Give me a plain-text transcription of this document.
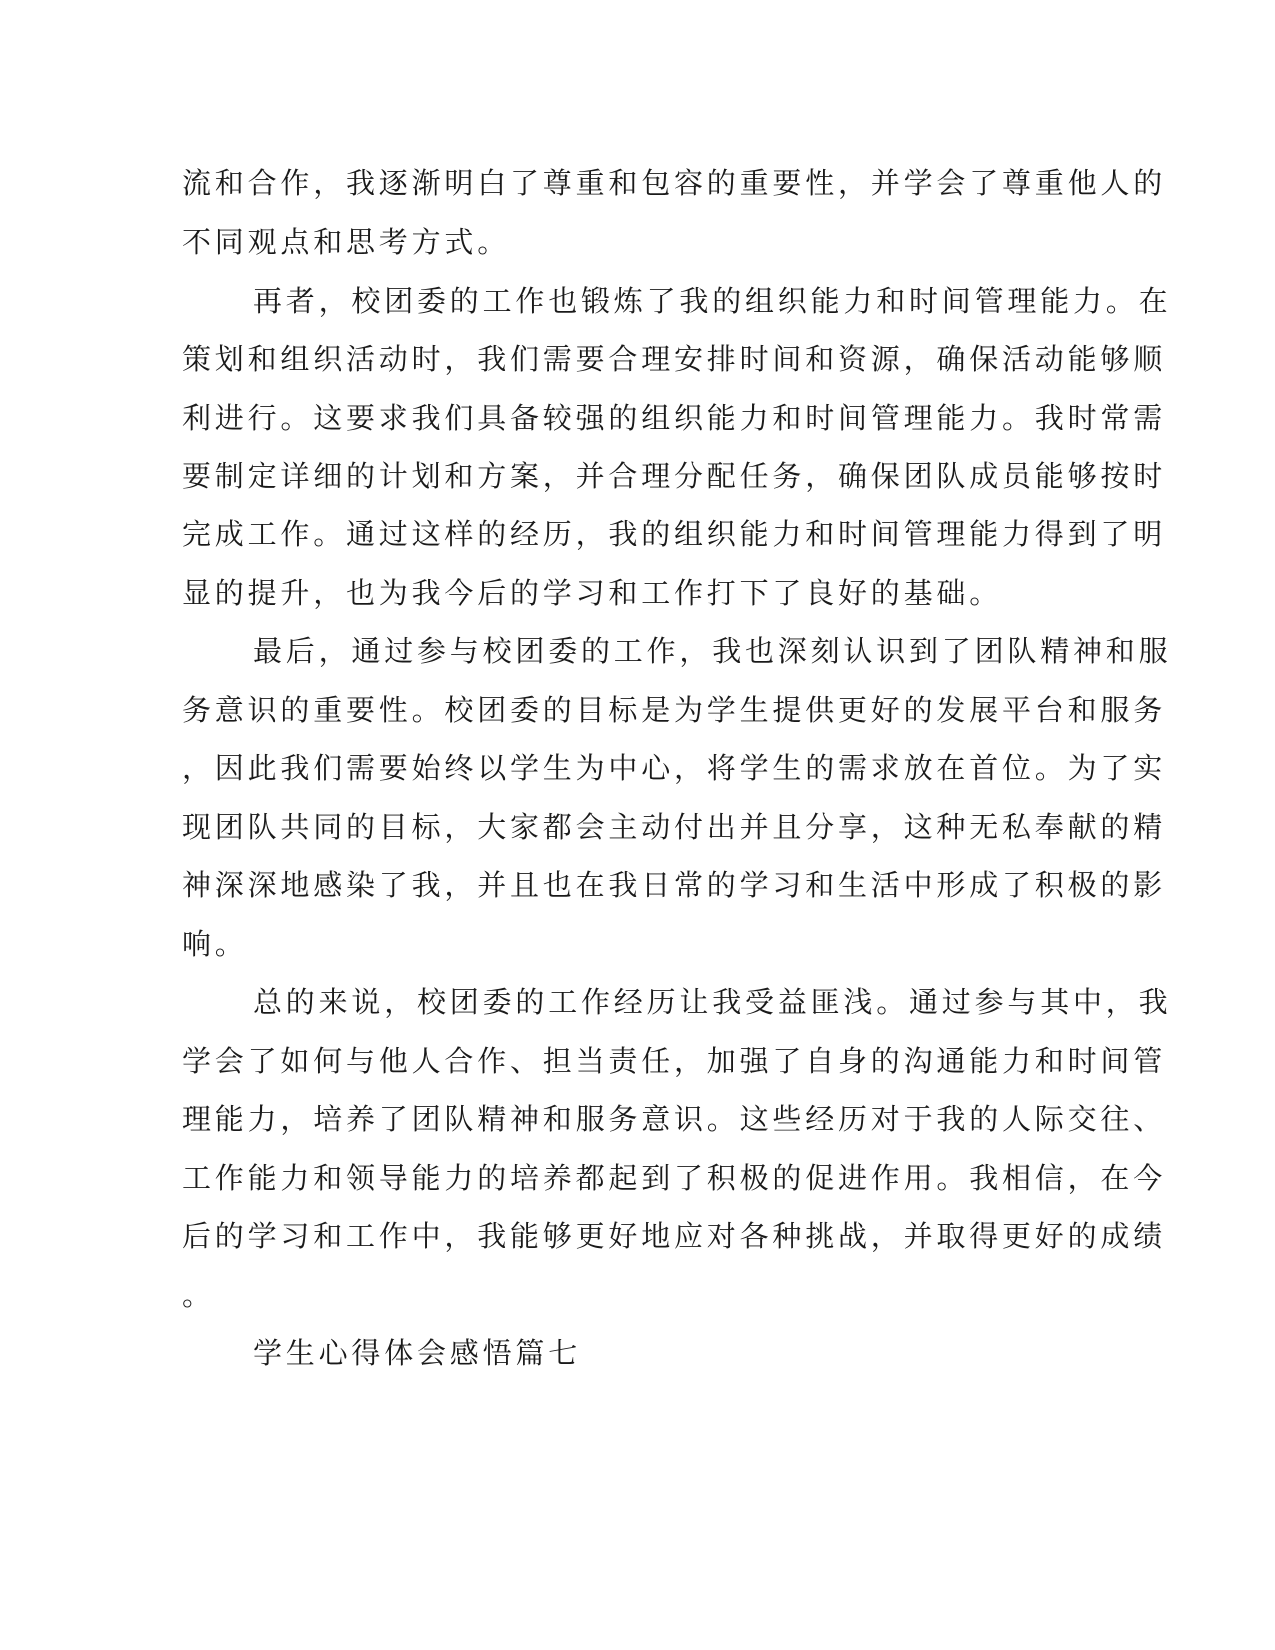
流和合作，我逐渐明白了尊重和包容的重要性，并学会了尊重他人的
不同观点和思考方式。
再者，校团委的工作也锻炼了我的组织能力和时间管理能力。在
策划和组织活动时，我们需要合理安排时间和资源，确保活动能够顺
利进行。这要求我们具备较强的组织能力和时间管理能力。我时常需
要制定详细的计划和方案，并合理分配任务，确保团队成员能够按时
完成工作。通过这样的经历，我的组织能力和时间管理能力得到了明
显的提升，也为我今后的学习和工作打下了良好的基础。
最后，通过参与校团委的工作，我也深刻认识到了团队精神和服
务意识的重要性。校团委的目标是为学生提供更好的发展平台和服务
，因此我们需要始终以学生为中心，将学生的需求放在首位。为了实
现团队共同的目标，大家都会主动付出并且分享，这种无私奉献的精
神深深地感染了我，并且也在我日常的学习和生活中形成了积极的影
响。
总的来说，校团委的工作经历让我受益匪浅。通过参与其中，我
学会了如何与他人合作、担当责任，加强了自身的沟通能力和时间管
理能力，培养了团队精神和服务意识。这些经历对于我的人际交往、
工作能力和领导能力的培养都起到了积极的促进作用。我相信，在今
后的学习和工作中，我能够更好地应对各种挑战，并取得更好的成绩
。
学生心得体会感悟篇七
